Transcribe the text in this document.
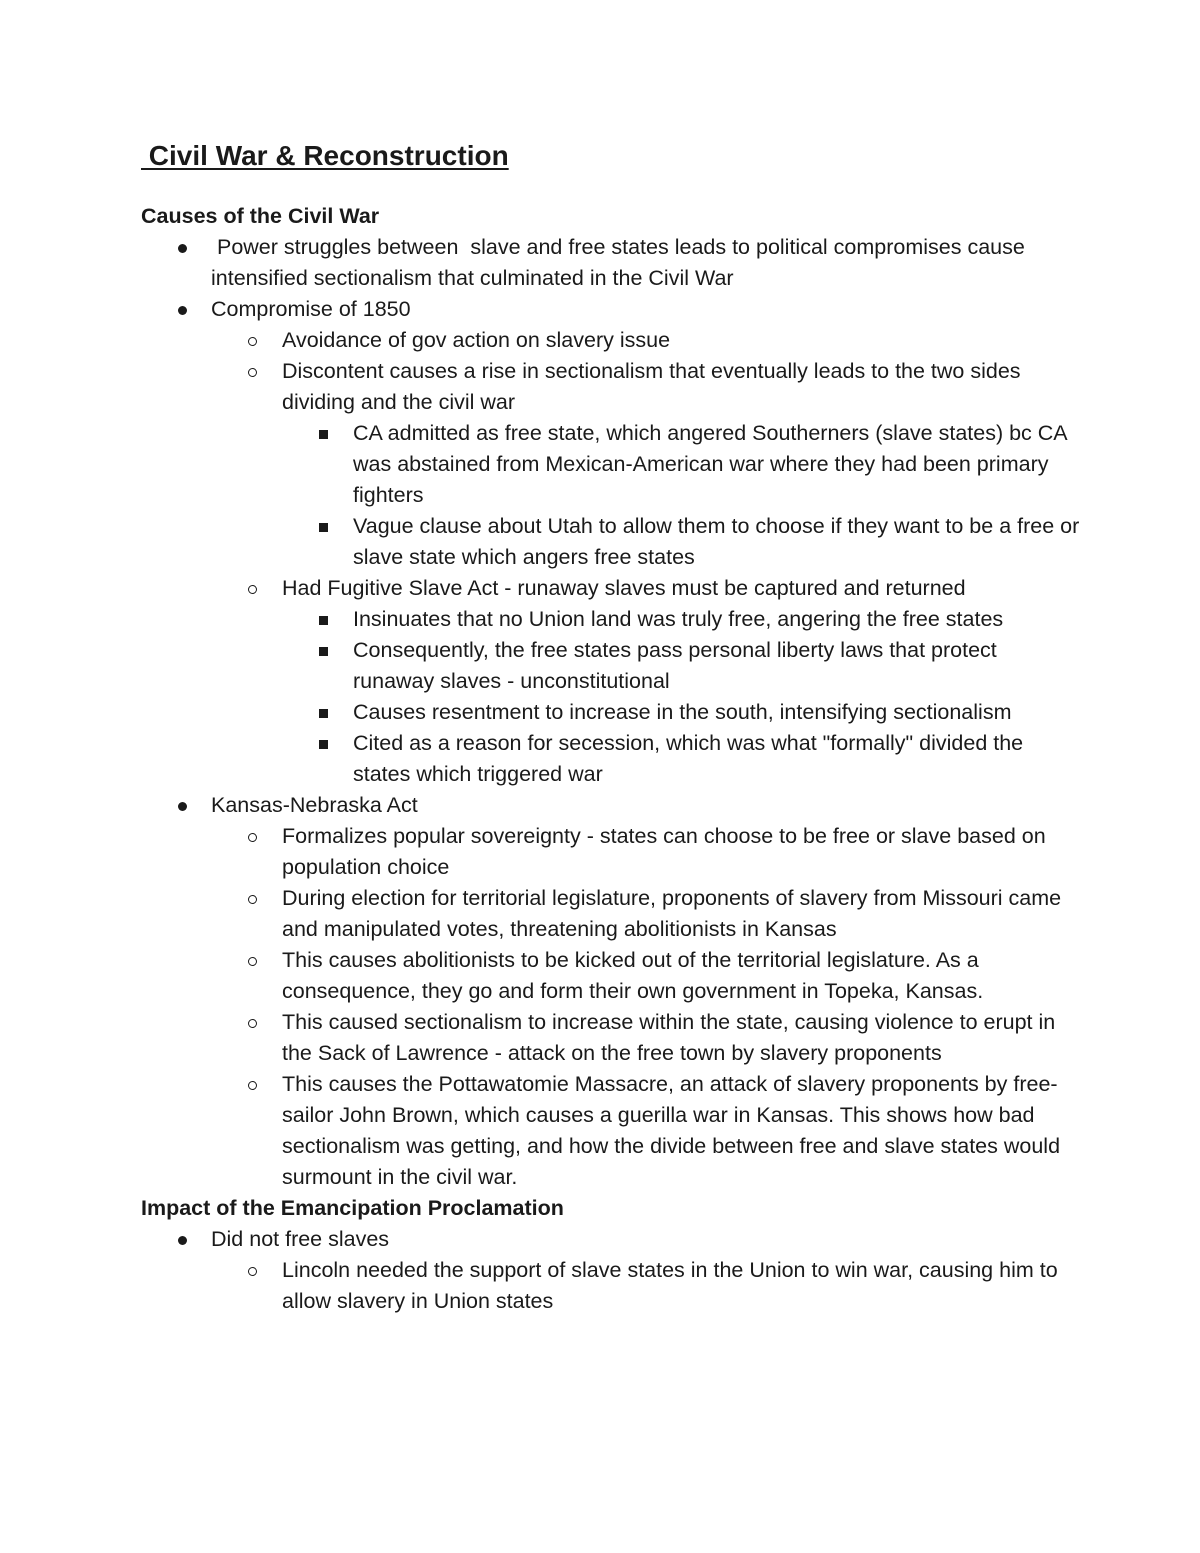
Civil War & Reconstruction

Causes of the Civil War

Power struggles between  slave and free states leads to political compromises cause intensified sectionalism that culminated in the Civil War
Compromise of 1850
Avoidance of gov action on slavery issue
Discontent causes a rise in sectionalism that eventually leads to the two sides dividing and the civil war
CA admitted as free state, which angered Southerners (slave states) bc CA was abstained from Mexican-American war where they had been primary fighters
Vague clause about Utah to allow them to choose if they want to be a free or slave state which angers free states
Had Fugitive Slave Act - runaway slaves must be captured and returned
Insinuates that no Union land was truly free, angering the free states
Consequently, the free states pass personal liberty laws that protect runaway slaves - unconstitutional
Causes resentment to increase in the south, intensifying sectionalism
Cited as a reason for secession, which was what "formally" divided the states which triggered war
Kansas-Nebraska Act
Formalizes popular sovereignty - states can choose to be free or slave based on population choice
During election for territorial legislature, proponents of slavery from Missouri came and manipulated votes, threatening abolitionists in Kansas
This causes abolitionists to be kicked out of the territorial legislature. As a consequence, they go and form their own government in Topeka, Kansas.
This caused sectionalism to increase within the state, causing violence to erupt in the Sack of Lawrence - attack on the free town by slavery proponents
This causes the Pottawatomie Massacre, an attack of slavery proponents by free-sailor John Brown, which causes a guerilla war in Kansas. This shows how bad sectionalism was getting, and how the divide between free and slave states would surmount in the civil war.

Impact of the Emancipation Proclamation

Did not free slaves
Lincoln needed the support of slave states in the Union to win war, causing him to allow slavery in Union states
